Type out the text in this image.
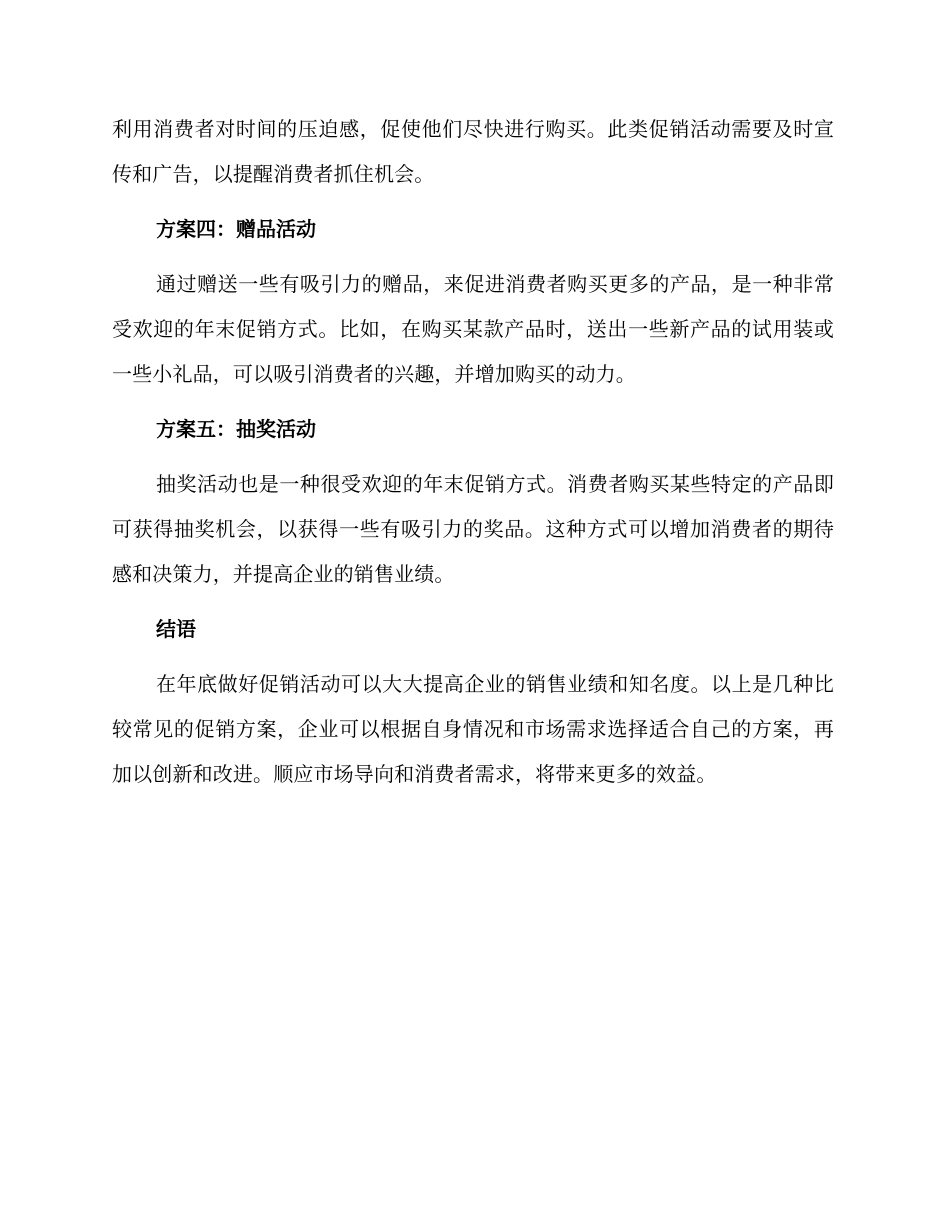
利用消费者对时间的压迫感，促使他们尽快进行购买。此类促销活动需要及时宣传和广告，以提醒消费者抓住机会。

方案四：赠品活动

通过赠送一些有吸引力的赠品，来促进消费者购买更多的产品，是一种非常受欢迎的年末促销方式。比如，在购买某款产品时，送出一些新产品的试用装或一些小礼品，可以吸引消费者的兴趣，并增加购买的动力。

方案五：抽奖活动

抽奖活动也是一种很受欢迎的年末促销方式。消费者购买某些特定的产品即可获得抽奖机会，以获得一些有吸引力的奖品。这种方式可以增加消费者的期待感和决策力，并提高企业的销售业绩。

结语

在年底做好促销活动可以大大提高企业的销售业绩和知名度。以上是几种比较常见的促销方案，企业可以根据自身情况和市场需求选择适合自己的方案，再加以创新和改进。顺应市场导向和消费者需求，将带来更多的效益。
